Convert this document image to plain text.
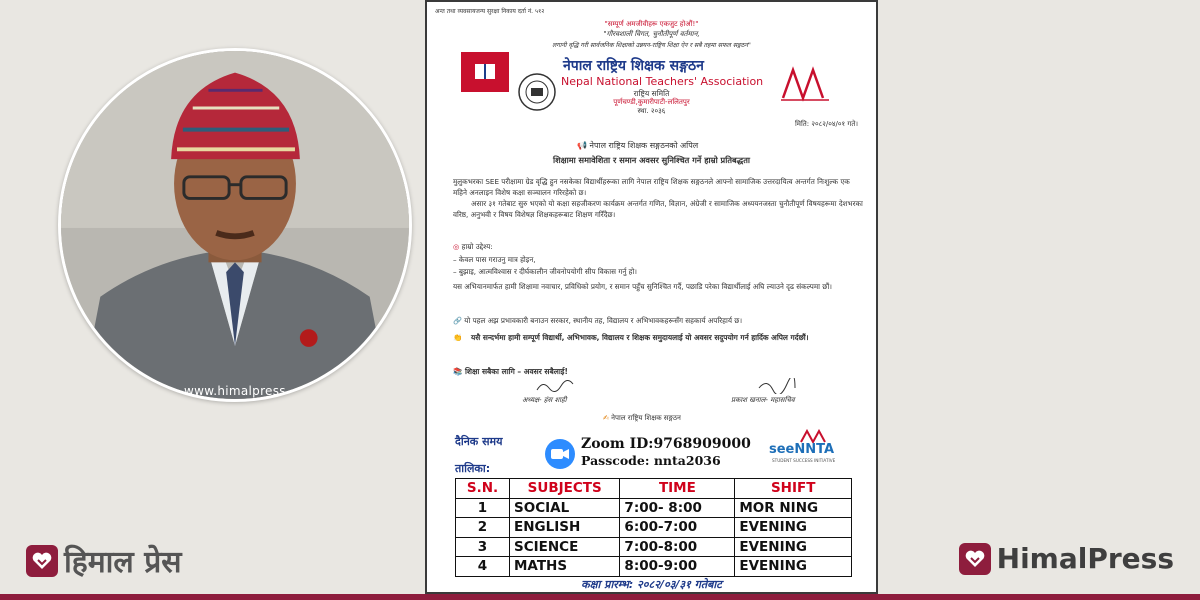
www.himalpress
हिमाल प्रेस	HimalPress
अन्त तथा व्यवसायजन्य सुरक्षा निकाय दर्ता नं. ५१२
"सम्पूर्ण अमजीवीहरू एकजुट होऔं!"
"गौरवशाली विगत, चुनौतीपूर्ण वर्तमान,
लगानी वृद्धि गरी सार्वजनिक शिक्षाको उन्नयन-राष्ट्रिय शिक्षा ऐन र सबै तहमा सफल सङ्गठन"
नेपाल राष्ट्रिय शिक्षक सङ्गठन
Nepal National Teachers' Association
राष्ट्रिय समिति
पूर्णचण्डी,कुमारीपाटी-ललितपुर
स्था. २०३६
मिति: २०८२/०४/०१ गते।
📢 नेपाल राष्ट्रिय शिक्षक सङ्गठनको अपिल
शिक्षामा समावेशिता र समान अवसर सुनिश्चित गर्ने हाम्रो प्रतिबद्धता
मुलुकभरका SEE परीक्षामा ग्रेड वृद्धि हुन नसकेका विद्यार्थीहरूका लागि नेपाल राष्ट्रिय शिक्षक सङ्गठनले आफ्नो सामाजिक उत्तरदायित्व अन्तर्गत निःशुल्क एक महिने अनलाइन विशेष कक्षा सञ्चालन गरिरहेको छ।
असार ३१ गतेबाट सुरु भएको यो कक्षा सहजीकरण कार्यक्रम अन्तर्गत गणित, विज्ञान, अंग्रेजी र सामाजिक अध्ययनजस्ता चुनौतीपूर्ण विषयहरूमा देशभरका वरिष्ठ, अनुभवी र विषय विशेषज्ञ शिक्षकहरूबाट शिक्षण गरिँदैछ।
◎ हाम्रो उद्देश्य:
– केवल पास गराउनु मात्र होइन,
– बुझाइ, आत्मविश्वास र दीर्घकालीन जीवनोपयोगी सीप विकास गर्नु हो।
यस अभियानमार्फत हामी शिक्षामा नवाचार, प्रविधिको प्रयोग, र समान पहुँच सुनिश्चित गर्दै, पछाडि परेका विद्यार्थीलाई अघि ल्याउने दृढ संकल्पमा छौं।
🔗 यो पहल अझ प्रभावकारी बनाउन सरकार, स्थानीय तह, विद्यालय र अभिभावकहरूसँग सहकार्य अपरिहार्य छ।
👏 यसै सन्दर्भमा हामी सम्पूर्ण विद्यार्थी, अभिभावक, विद्यालय र शिक्षक समुदायलाई यो अवसर सदुपयोग गर्न हार्दिक अपिल गर्दछौं।
📚 शिक्षा सबैका लागि – अवसर सबैलाई!
अध्यक्ष- हंस शाही	प्रकाश खनाल- महासचिव
✍ नेपाल राष्ट्रिय शिक्षक सङ्गठन
दैनिक समय
तालिका:
Zoom ID:9768909000
Passcode: nnta2036
seeNNTA
STUDENT SUCCESS INITIATIVE
S.N.	SUBJECTS	TIME	SHIFT
1	SOCIAL	7:00- 8:00	MOR NING
2	ENGLISH	6:00-7:00	EVENING
3	SCIENCE	7:00-8:00	EVENING
4	MATHS	8:00-9:00	EVENING
कक्षा प्रारम्भ: २०८२/०३/३१ गतेबाट
